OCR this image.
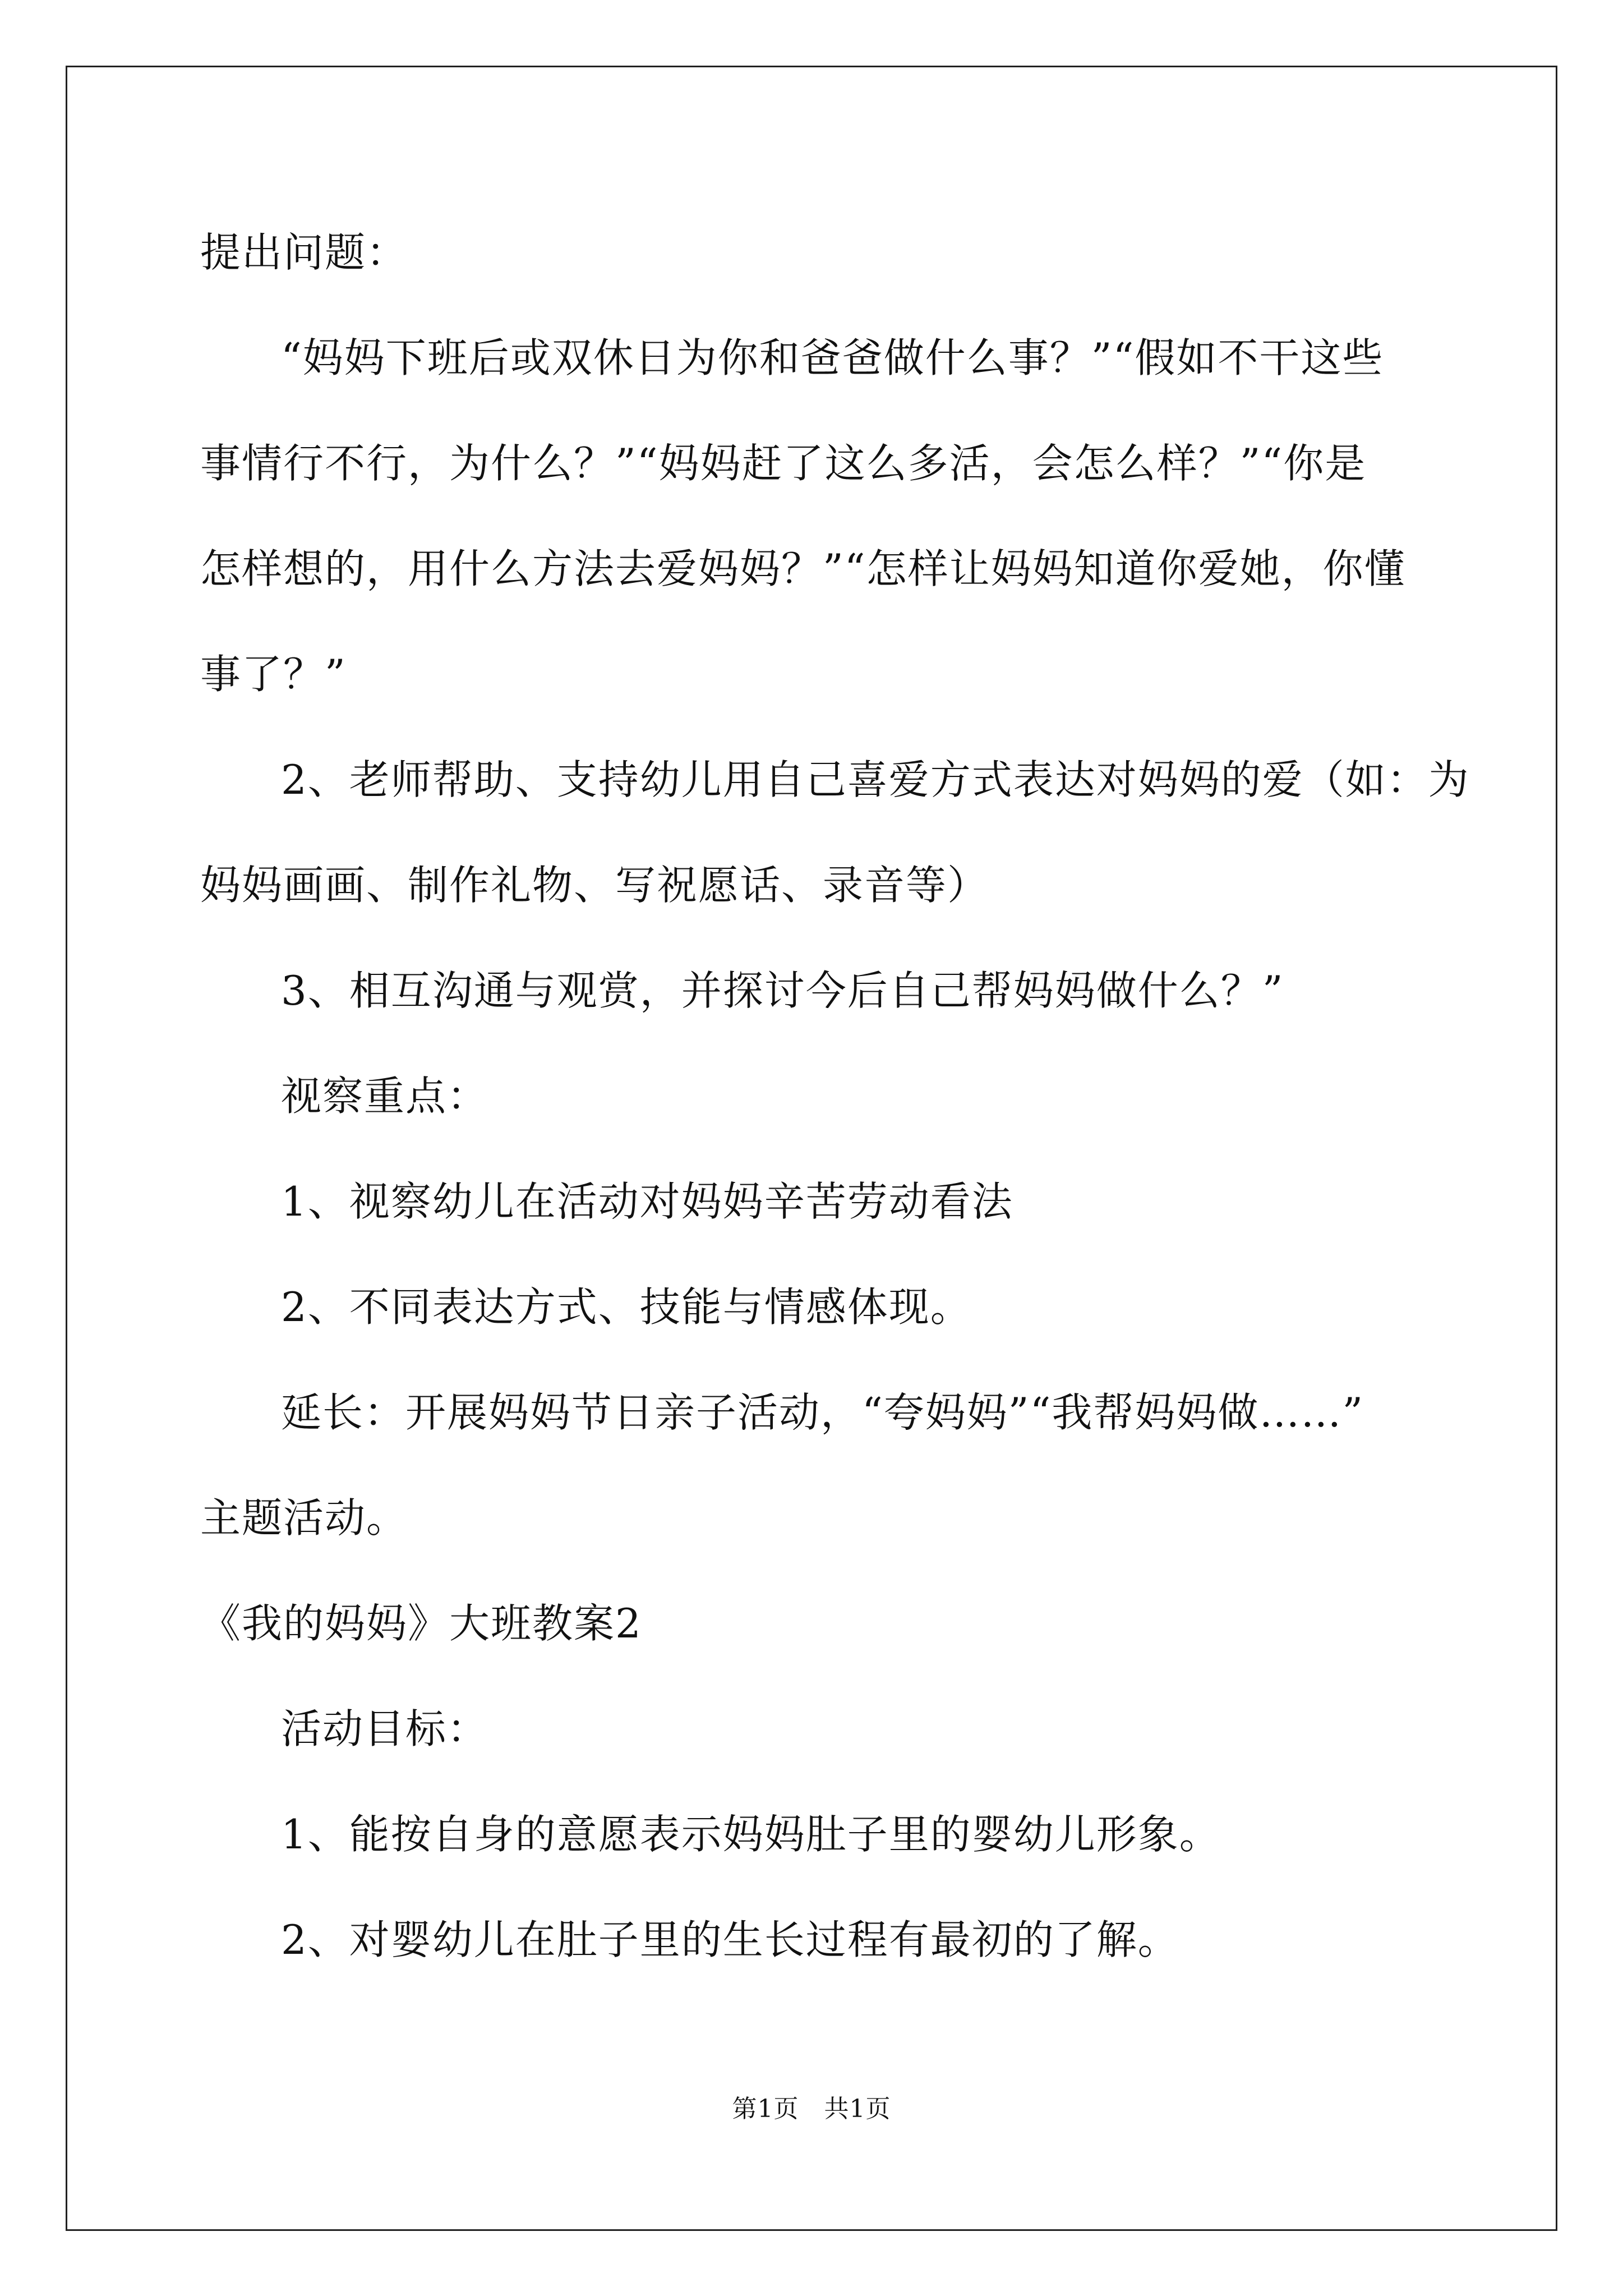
提出问题：
“妈妈下班后或双休日为你和爸爸做什么事？”“假如不干这些
事情行不行，为什么？”“妈妈赶了这么多活，会怎么样？”“你是
怎样想的，用什么方法去爱妈妈？”“怎样让妈妈知道你爱她，你懂
事了？”
2、老师帮助、支持幼儿用自己喜爱方式表达对妈妈的爱（如：为
妈妈画画、制作礼物、写祝愿话、录音等）
3、相互沟通与观赏，并探讨今后自己帮妈妈做什么？”
视察重点：
1、视察幼儿在活动对妈妈辛苦劳动看法
2、不同表达方式、技能与情感体现。
延长：开展妈妈节日亲子活动，“夸妈妈”“我帮妈妈做……”
主题活动。
《我的妈妈》大班教案2
活动目标：
1、能按自身的意愿表示妈妈肚子里的婴幼儿形象。
2、对婴幼儿在肚子里的生长过程有最初的了解。
第1页　共1页
